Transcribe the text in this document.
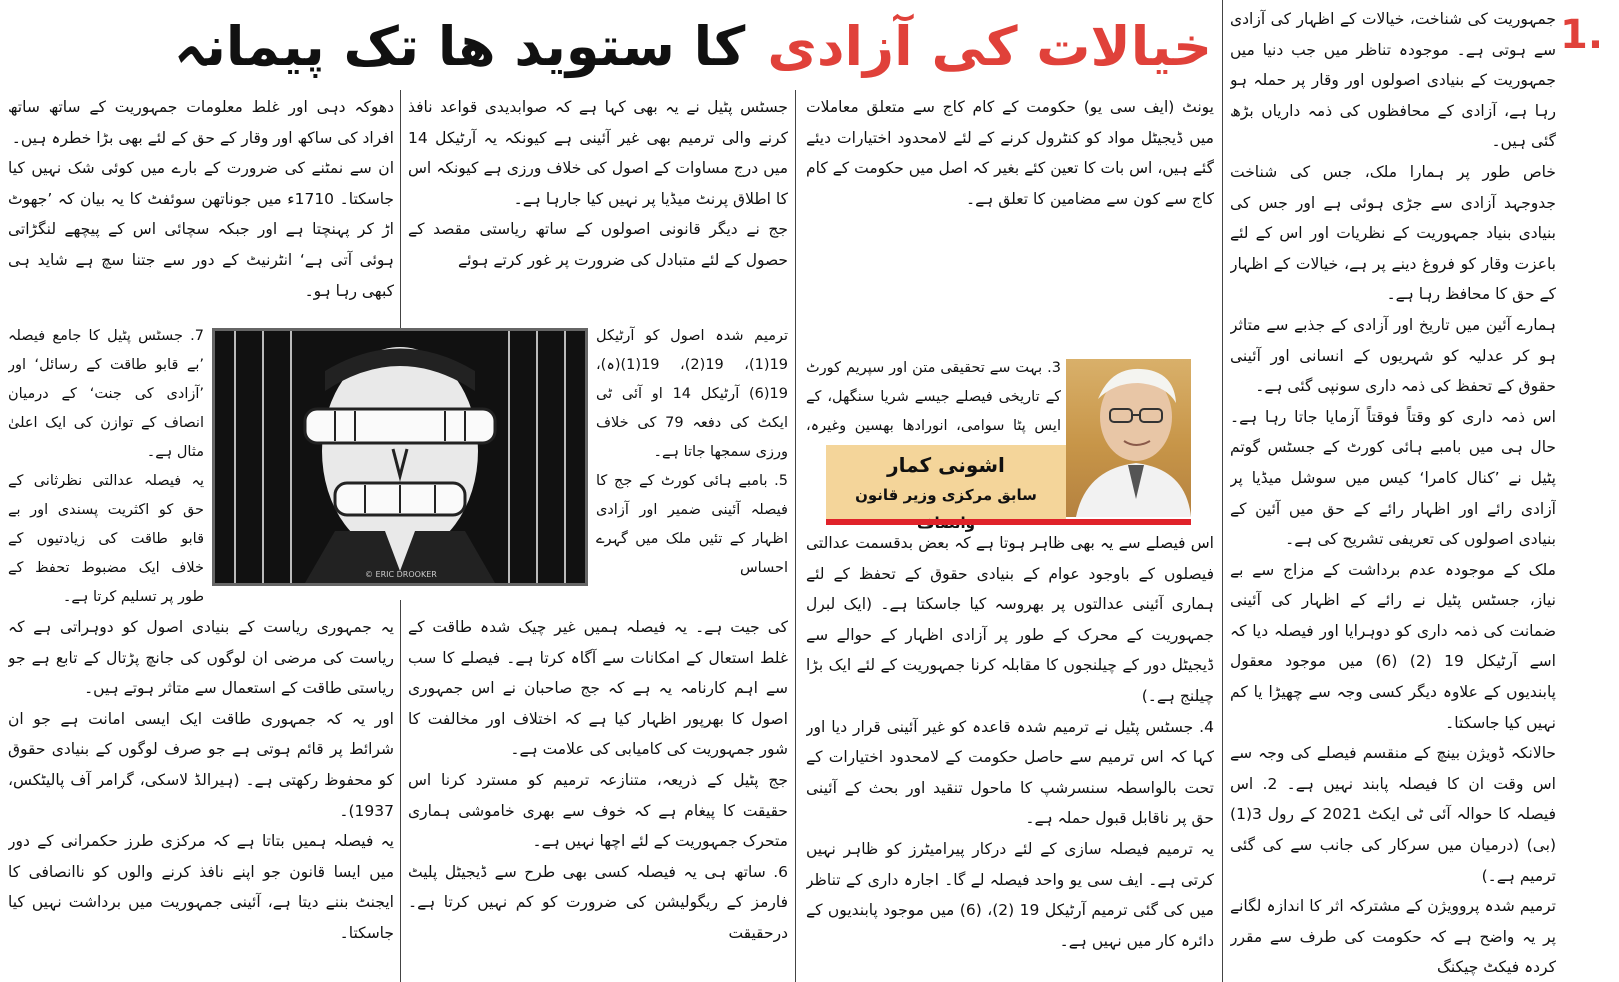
خیالات کی آزادی
کا ستوید ھا تک پیمانہ	1.

جمہوریت کی شناخت، خیالات کے اظہار کی آزادی سے ہوتی ہے۔ موجودہ تناظر میں جب دنیا میں جمہوریت کے بنیادی اصولوں اور وقار پر حملہ ہو رہا ہے، آزادی کے محافظوں کی ذمہ داریاں بڑھ گئی ہیں۔

خاص طور پر ہمارا ملک، جس کی شناخت جدوجہد آزادی سے جڑی ہوئی ہے اور جس کی بنیادی بنیاد جمہوریت کے نظریات اور اس کے لئے باعزت وقار کو فروغ دینے پر ہے، خیالات کے اظہار کے حق کا محافظ رہا ہے۔

ہمارے آئین میں تاریخ اور آزادی کے جذبے سے متاثر ہو کر عدلیہ کو شہریوں کے انسانی اور آئینی حقوق کے تحفظ کی ذمہ داری سونپی گئی ہے۔

اس ذمہ داری کو وقتاً فوقتاً آزمایا جاتا رہا ہے۔ حال ہی میں بامبے ہائی کورٹ کے جسٹس گوتم پٹیل نے ’کنال کامرا‘ کیس میں سوشل میڈیا پر آزادی رائے اور اظہار رائے کے حق میں آئین کے بنیادی اصولوں کی تعریفی تشریح کی ہے۔

ملک کے موجودہ عدم برداشت کے مزاج سے بے نیاز، جسٹس پٹیل نے رائے کے اظہار کی آئینی ضمانت کی ذمہ داری کو دوہرایا اور فیصلہ دیا کہ اسے آرٹیکل 19 (2) (6) میں موجود معقول پابندیوں کے علاوہ دیگر کسی وجہ سے چھیڑا یا کم نہیں کیا جاسکتا۔

حالانکہ ڈویژن بینچ کے منقسم فیصلے کی وجہ سے اس وقت ان کا فیصلہ پابند نہیں ہے۔ 2. اس فیصلہ کا حوالہ آئی ٹی ایکٹ 2021 کے رول 3(1)(بی) (درمیان میں سرکار کی جانب سے کی گئی ترمیم ہے۔)

ترمیم شدہ پروویژن کے مشترکہ اثر کا اندازہ لگانے پر یہ واضح ہے کہ حکومت کی طرف سے مقرر کردہ فیکٹ چیکنگ

یونٹ (ایف سی یو) حکومت کے کام کاج سے متعلق معاملات میں ڈیجیٹل مواد کو کنٹرول کرنے کے لئے لامحدود اختیارات دیئے گئے ہیں، اس بات کا تعین کئے بغیر کہ اصل میں حکومت کے کام کاج سے کون سے مضامین کا تعلق ہے۔

3. بہت سے تحقیقی متن اور سپریم کورٹ کے تاریخی فیصلے جیسے شریا سنگھل، کے ایس پٹا سوامی، انورادھا بھسین وغیرہ،

اشونی کمار
سابق مرکزی وزیر قانون

اس فیصلے سے یہ بھی ظاہر ہوتا ہے کہ بعض بدقسمت عدالتی فیصلوں کے باوجود عوام کے بنیادی حقوق کے تحفظ کے لئے ہماری آئینی عدالتوں پر بھروسہ کیا جاسکتا ہے۔ (ایک لبرل جمہوریت کے محرک کے طور پر آزادی اظہار کے حوالے سے ڈیجیٹل دور کے چیلنجوں کا مقابلہ کرنا جمہوریت کے لئے ایک بڑا چیلنج ہے۔)

4. جسٹس پٹیل نے ترمیم شدہ قاعدہ کو غیر آئینی قرار دیا اور کہا کہ اس ترمیم سے حاصل حکومت کے لامحدود اختیارات کے تحت بالواسطہ سنسرشپ کا ماحول تنقید اور بحث کے آئینی حق پر ناقابل قبول حملہ ہے۔

یہ ترمیم فیصلہ سازی کے لئے درکار پیرامیٹرز کو ظاہر نہیں کرتی ہے۔ ایف سی یو واحد فیصلہ لے گا۔ اجارہ داری کے تناظر میں کی گئی ترمیم آرٹیکل 19 (2)، (6) میں موجود پابندیوں کے دائرہ کار میں نہیں ہے۔

جسٹس پٹیل نے یہ بھی کہا ہے کہ صوابدیدی قواعد نافذ کرنے والی ترمیم بھی غیر آئینی ہے کیونکہ یہ آرٹیکل 14 میں درج مساوات کے اصول کی خلاف ورزی ہے کیونکہ اس کا اطلاق پرنٹ میڈیا پر نہیں کیا جارہا ہے۔

جج نے دیگر قانونی اصولوں کے ساتھ ریاستی مقصد کے حصول کے لئے متبادل کی ضرورت پر غور کرتے ہوئے

ترمیم شدہ اصول کو آرٹیکل 19(1)، 19(2)، 19(1)(ہ)، 19(6) آرٹیکل 14 او آئی ٹی ایکٹ کی دفعہ 79 کی خلاف ورزی سمجھا جاتا ہے۔

5. بامبے ہائی کورٹ کے جج کا فیصلہ آئینی ضمیر اور آزادی اظہار کے تئیں ملک میں گہرے احساس

© ERIC DROOKER

کی جیت ہے۔ یہ فیصلہ ہمیں غیر چیک شدہ طاقت کے غلط استعال کے امکانات سے آگاہ کرتا ہے۔ فیصلے کا سب سے اہم کارنامہ یہ ہے کہ جج صاحبان نے اس جمہوری اصول کا بھرپور اظہار کیا ہے کہ اختلاف اور مخالفت کا شور جمہوریت کی کامیابی کی علامت ہے۔

جج پٹیل کے ذریعہ، متنازعہ ترمیم کو مسترد کرنا اس حقیقت کا پیغام ہے کہ خوف سے بھری خاموشی ہماری متحرک جمہوریت کے لئے اچھا نہیں ہے۔

6. ساتھ ہی یہ فیصلہ کسی بھی طرح سے ڈیجیٹل پلیٹ فارمز کے ریگولیشن کی ضرورت کو کم نہیں کرتا ہے۔ درحقیقت

دھوکہ دہی اور غلط معلومات جمہوریت کے ساتھ ساتھ افراد کی ساکھ اور وقار کے حق کے لئے بھی بڑا خطرہ ہیں۔

ان سے نمٹنے کی ضرورت کے بارے میں کوئی شک نہیں کیا جاسکتا۔ 1710ء میں جوناتھن سوئفٹ کا یہ بیان کہ ’جھوٹ اڑ کر پہنچتا ہے اور جبکہ سچائی اس کے پیچھے لنگڑاتی ہوئی آتی ہے‘ انٹرنیٹ کے دور سے جتنا سچ ہے شاید ہی کبھی رہا ہو۔

7. جسٹس پٹیل کا جامع فیصلہ ’بے قابو طاقت کے رسائل‘ اور ’آزادی کی جنت‘ کے درمیان انصاف کے توازن کی ایک اعلیٰ مثال ہے۔

یہ فیصلہ عدالتی نظرثانی کے حق کو اکثریت پسندی اور بے قابو طاقت کی زیادتیوں کے خلاف ایک مضبوط تحفظ کے طور پر تسلیم کرتا ہے۔

یہ جمہوری ریاست کے بنیادی اصول کو دوہراتی ہے کہ ریاست کی مرضی ان لوگوں کی جانچ پڑتال کے تابع ہے جو ریاستی طاقت کے استعمال سے متاثر ہوتے ہیں۔

اور یہ کہ جمہوری طاقت ایک ایسی امانت ہے جو ان شرائط پر قائم ہوتی ہے جو صرف لوگوں کے بنیادی حقوق کو محفوظ رکھتی ہے۔ (ہیرالڈ لاسکی، گرامر آف پالیٹکس، 1937)۔

یہ فیصلہ ہمیں بتاتا ہے کہ مرکزی طرز حکمرانی کے دور میں ایسا قانون جو اپنے نافذ کرنے والوں کو ناانصافی کا ایجنٹ بننے دیتا ہے، آئینی جمہوریت میں برداشت نہیں کیا جاسکتا۔
